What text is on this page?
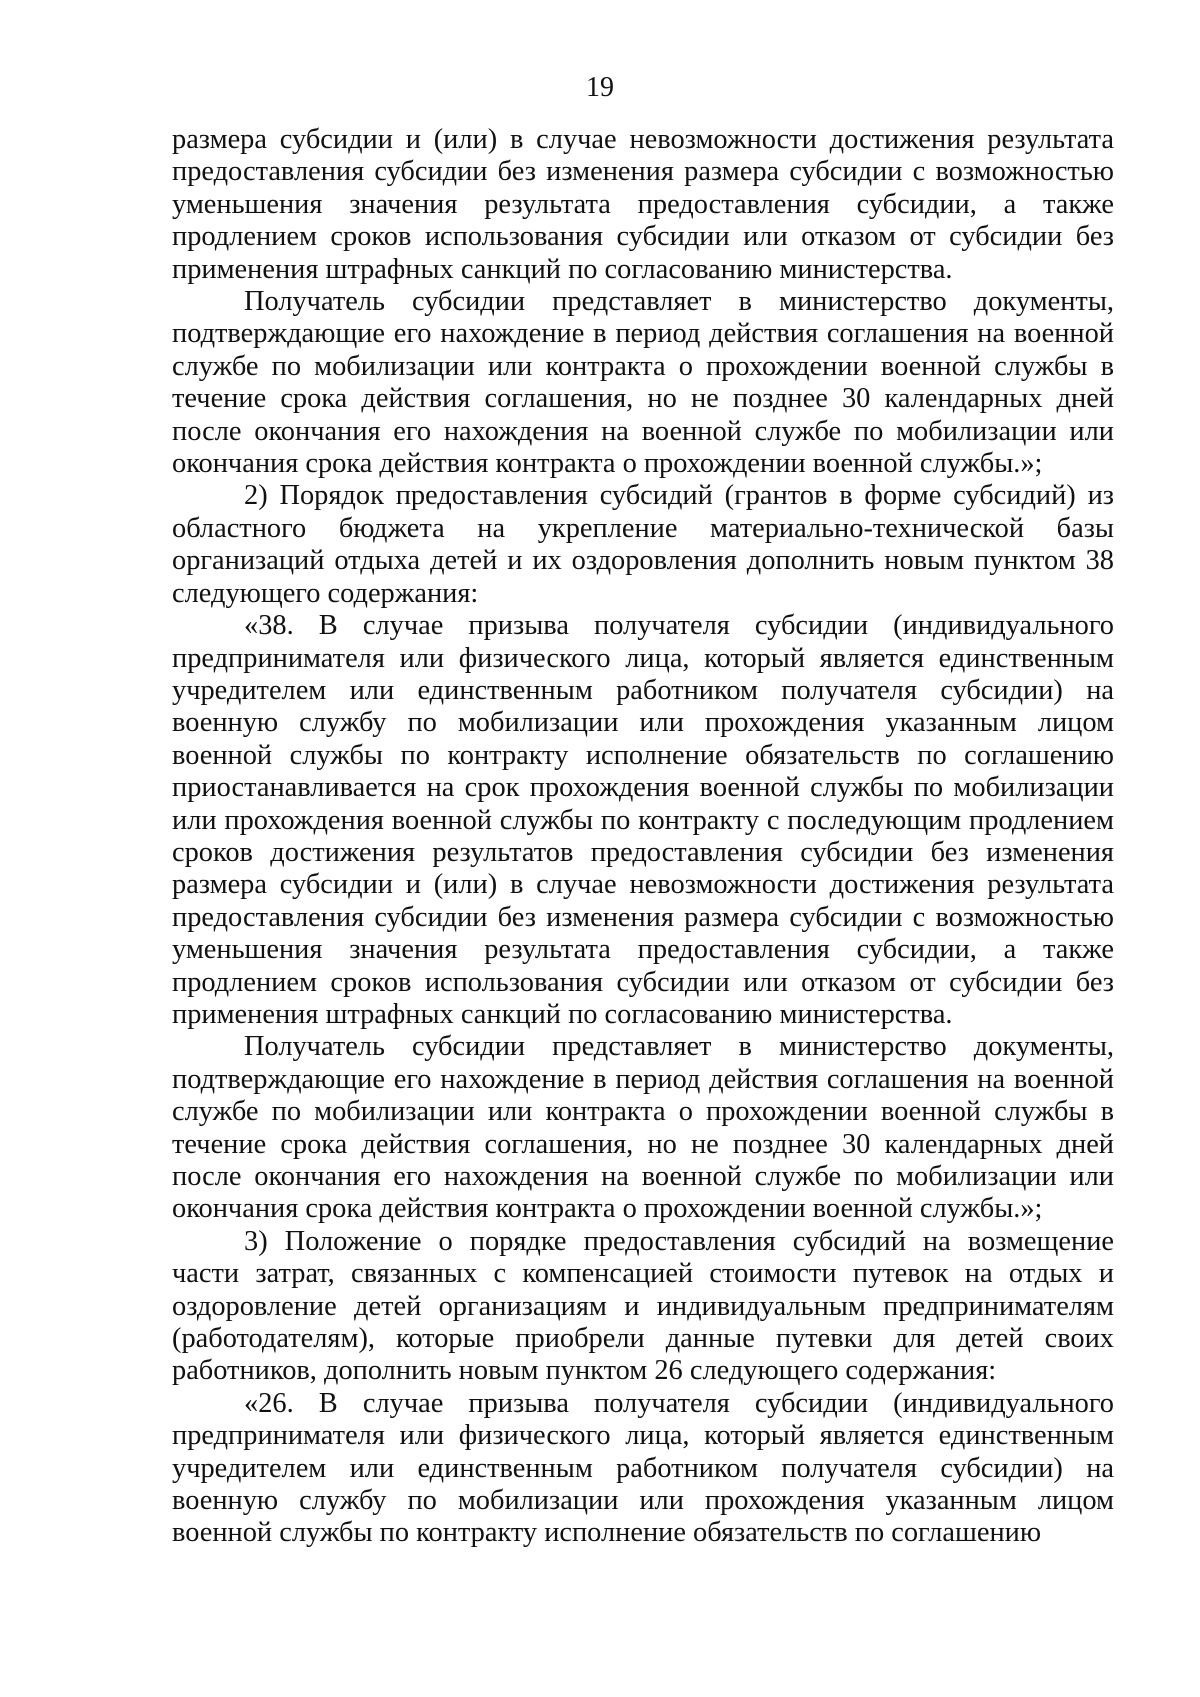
19

размера субсидии и (или) в случае невозможности достижения результата предоставления субсидии без изменения размера субсидии с возможностью уменьшения значения результата предоставления субсидии, а также продлением сроков использования субсидии или отказом от субсидии без применения штрафных санкций по согласованию министерства.

Получатель субсидии представляет в министерство документы, подтверждающие его нахождение в период действия соглашения на военной службе по мобилизации или контракта о прохождении военной службы в течение срока действия соглашения, но не позднее 30 календарных дней после окончания его нахождения на военной службе по мобилизации или окончания срока действия контракта о прохождении военной службы.»;

2) Порядок предоставления субсидий (грантов в форме субсидий) из областного бюджета на укрепление материально-технической базы организаций отдыха детей и их оздоровления дополнить новым пунктом 38 следующего содержания:

«38. В случае призыва получателя субсидии (индивидуального предпринимателя или физического лица, который является единственным учредителем или единственным работником получателя субсидии) на военную службу по мобилизации или прохождения указанным лицом военной службы по контракту исполнение обязательств по соглашению приостанавливается на срок прохождения военной службы по мобилизации или прохождения военной службы по контракту с последующим продлением сроков достижения результатов предоставления субсидии без изменения размера субсидии и (или) в случае невозможности достижения результата предоставления субсидии без изменения размера субсидии с возможностью уменьшения значения результата предоставления субсидии, а также продлением сроков использования субсидии или отказом от субсидии без применения штрафных санкций по согласованию министерства.

Получатель субсидии представляет в министерство документы, подтверждающие его нахождение в период действия соглашения на военной службе по мобилизации или контракта о прохождении военной службы в течение срока действия соглашения, но не позднее 30 календарных дней после окончания его нахождения на военной службе по мобилизации или окончания срока действия контракта о прохождении военной службы.»;

3) Положение о порядке предоставления субсидий на возмещение части затрат, связанных с компенсацией стоимости путевок на отдых и оздоровление детей организациям и индивидуальным предпринимателям (работодателям), которые приобрели данные путевки для детей своих работников, дополнить новым пунктом 26 следующего содержания:

«26. В случае призыва получателя субсидии (индивидуального предпринимателя или физического лица, который является единственным учредителем или единственным работником получателя субсидии) на военную службу по мобилизации или прохождения указанным лицом военной службы по контракту исполнение обязательств по соглашению
